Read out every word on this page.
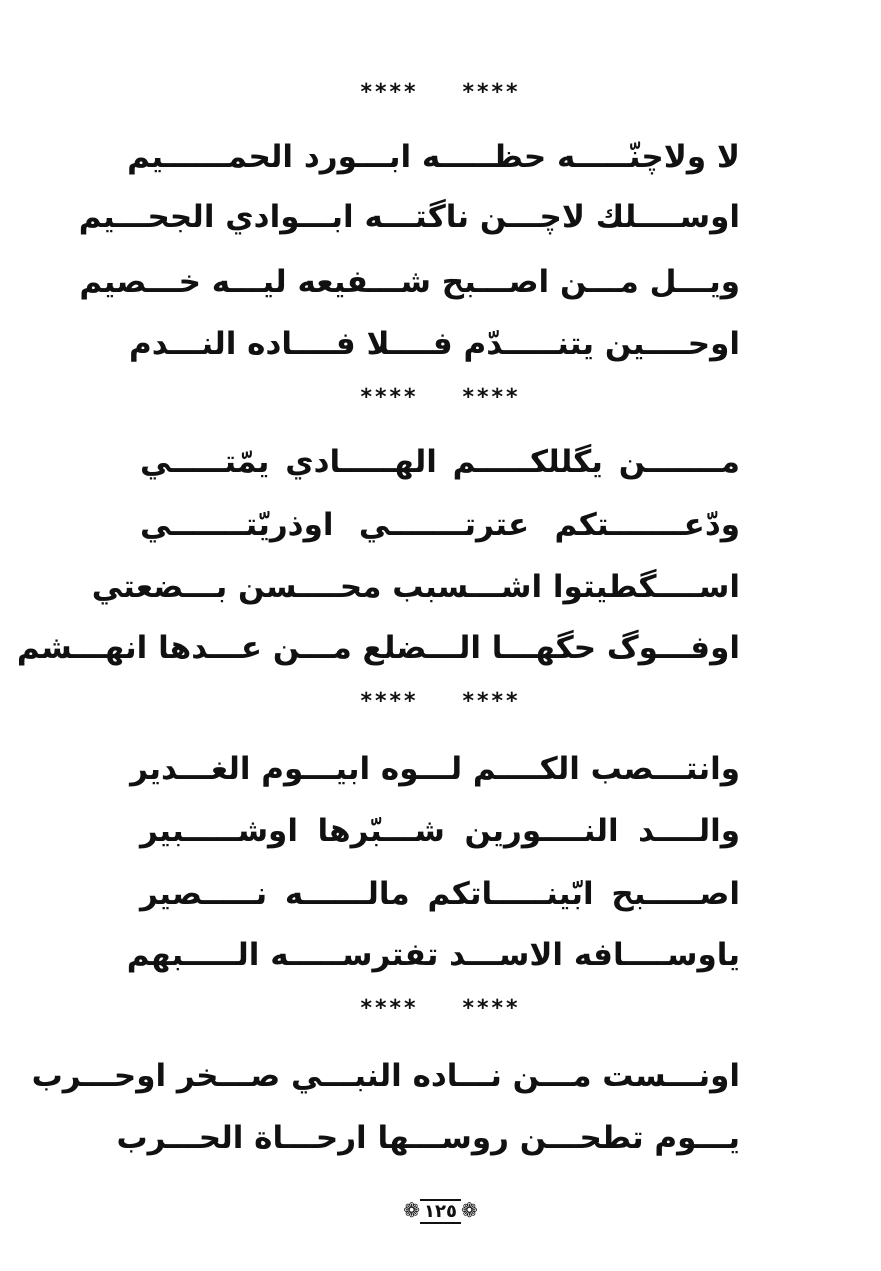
**** ****
لا ولاچنّـــــه حظـــــه ابـــورد الحمــــــيم
اوســــلك لاچـــن ناگتـــه ابـــوادي الجحـــيم
ويـــل مـــن اصـــبح شـــفيعه ليـــه خـــصيم
اوحــــين يتنـــــدّم فــــلا فــــاده النـــدم
**** ****
مـــــــن يگللكـــــم الهـــــادي يمّتـــــي
ودّعـــــــتكم عترتـــــــي اوذريّتـــــــي
اســــگطيتوا اشـــسبب محــــسن بـــضعتي
اوفـــوگ حگهـــا الـــضلع مـــن عـــدها انهـــشم
**** ****
وانتـــصب الكــــم لـــوه ابيـــوم الغـــدير
والــــد النــــورين شـــبّرها اوشـــــبير
اصـــــبح ابّينـــــاتكم مالــــــه نـــــصير
ياوســــافه الاســـد تفترســـــه الـــــبهم
**** ****
اونـــست مـــن نـــاده النبـــي صـــخر اوحـــرب
يـــوم تطحـــن روســـها ارحـــاة الحـــرب
❁ ١٢٥ ❁
